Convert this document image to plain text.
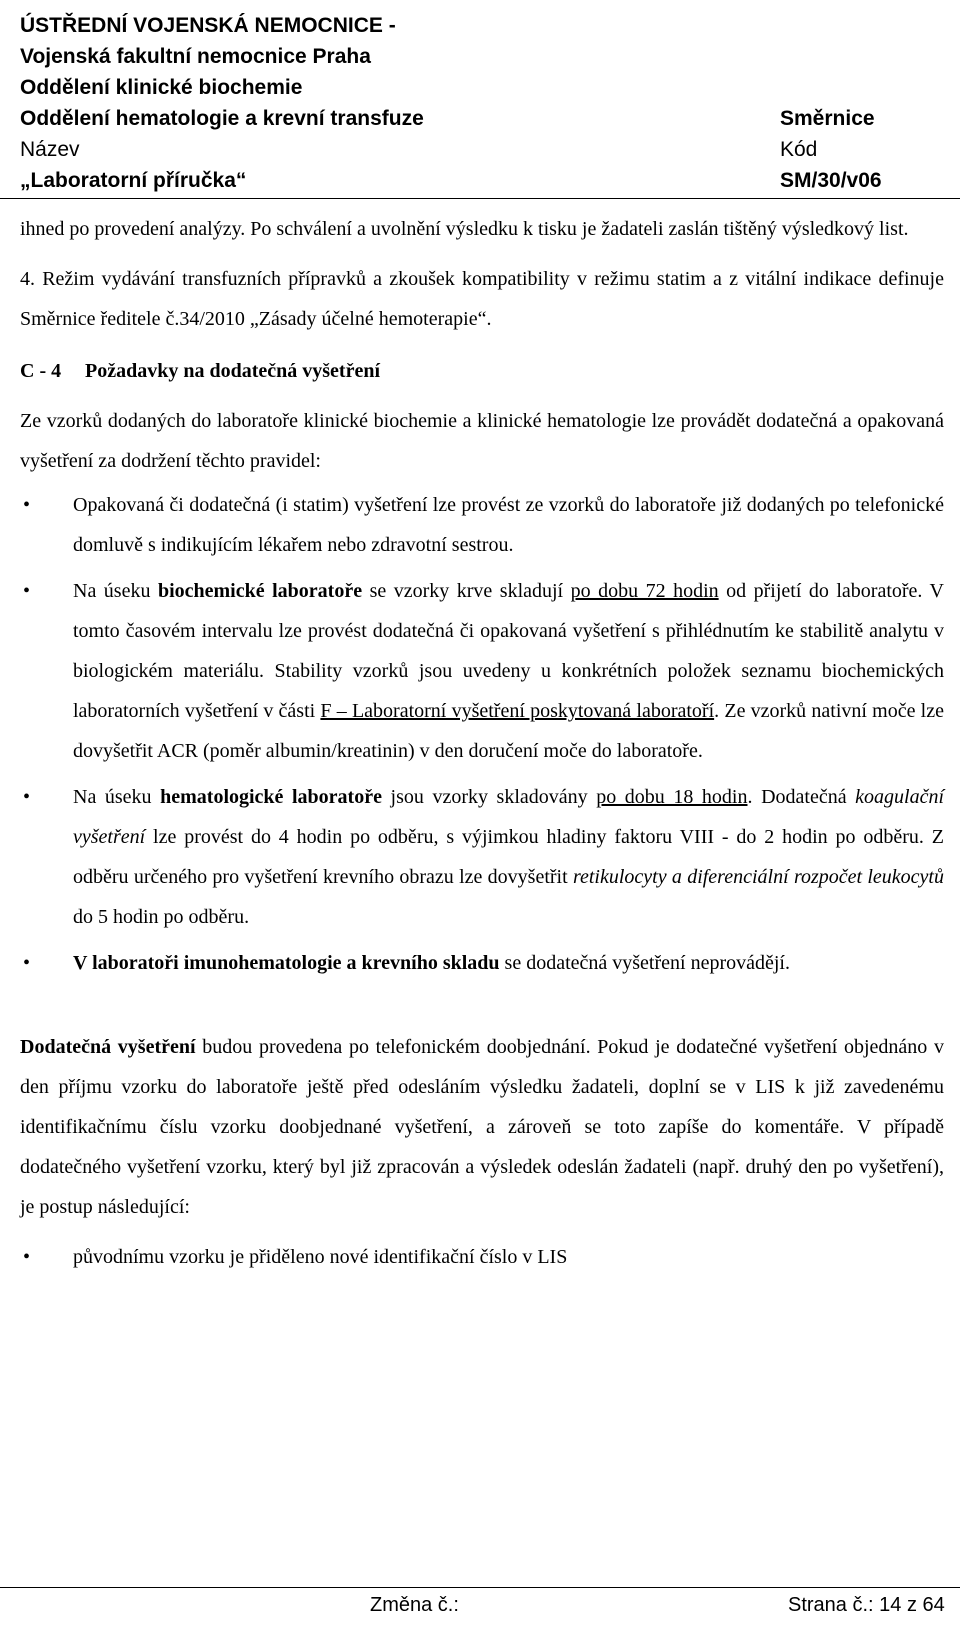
ÚSTŘEDNÍ VOJENSKÁ NEMOCNICE -
Vojenská fakultní nemocnice Praha
Oddělení klinické biochemie
Oddělení hematologie a krevní transfuze	Směrnice
Název	Kód
„Laboratorní příručka“	SM/30/v06

ihned po provedení analýzy. Po schválení a uvolnění výsledku k tisku je žadateli zaslán tištěný výsledkový list.

4. Režim vydávání transfuzních přípravků a zkoušek kompatibility v režimu statim a z vitální indikace definuje Směrnice ředitele č.34/2010 „Zásady účelné hemoterapie“.

C - 4 Požadavky na dodatečná vyšetření

Ze vzorků dodaných do laboratoře klinické biochemie a klinické hematologie lze provádět dodatečná a opakovaná vyšetření za dodržení těchto pravidel:

• Opakovaná či dodatečná (i statim) vyšetření lze provést ze vzorků do laboratoře již dodaných po telefonické domluvě s indikujícím lékařem nebo zdravotní sestrou.
• Na úseku biochemické laboratoře se vzorky krve skladují po dobu 72 hodin od přijetí do laboratoře. V tomto časovém intervalu lze provést dodatečná či opakovaná vyšetření s přihlédnutím ke stabilitě analytu v biologickém materiálu. Stability vzorků jsou uvedeny u konkrétních položek seznamu biochemických laboratorních vyšetření v části F – Laboratorní vyšetření poskytovaná laboratoří. Ze vzorků nativní moče lze dovyšetřit ACR (poměr albumin/kreatinin) v den doručení moče do laboratoře.
• Na úseku hematologické laboratoře jsou vzorky skladovány po dobu 18 hodin. Dodatečná koagulační vyšetření lze provést do 4 hodin po odběru, s výjimkou hladiny faktoru VIII - do 2 hodin po odběru. Z odběru určeného pro vyšetření krevního obrazu lze dovyšetřit retikulocyty a diferenciální rozpočet leukocytů do 5 hodin po odběru.
• V laboratoři imunohematologie a krevního skladu se dodatečná vyšetření neprovádějí.

Dodatečná vyšetření budou provedena po telefonickém doobjednání. Pokud je dodatečné vyšetření objednáno v den příjmu vzorku do laboratoře ještě před odesláním výsledku žadateli, doplní se v LIS k již zavedenému identifikačnímu číslu vzorku doobjednané vyšetření, a zároveň se toto zapíše do komentáře. V případě dodatečného vyšetření vzorku, který byl již zpracován a výsledek odeslán žadateli (např. druhý den po vyšetření), je postup následující:

• původnímu vzorku je přiděleno nové identifikační číslo v LIS
Změna č.:	Strana č.: 14 z 64
